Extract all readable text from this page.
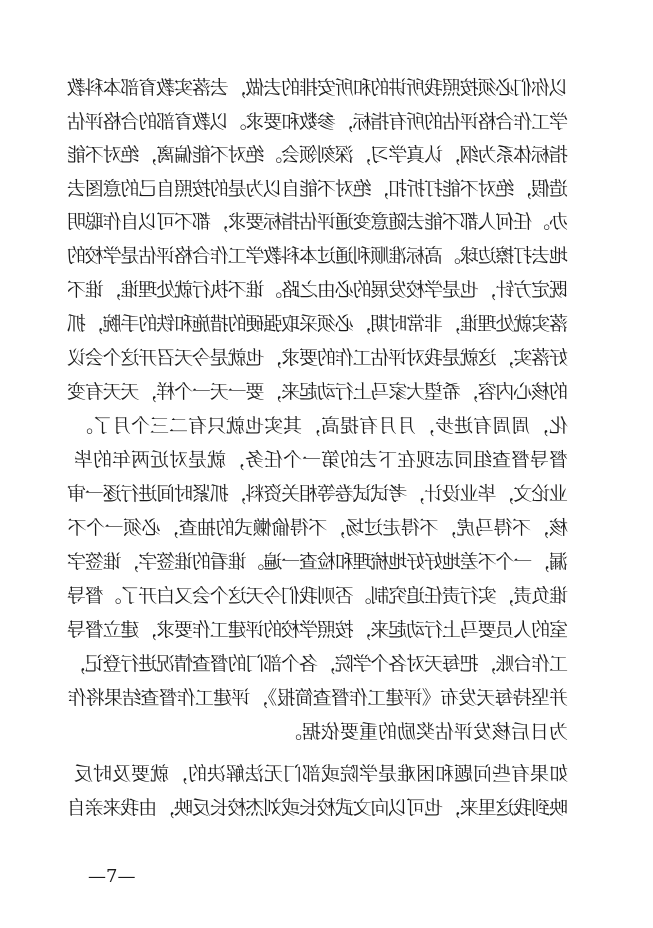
以你们必须按照我所讲的和所安排的去做，去落实教育部本科教
学工作合格评估的所有指标，参数和要求。以教育部的合格评估
指标体系为纲，认真学习，深刻领会。绝对不能偏离，绝对不能
造假，绝对不能打折扣，绝对不能自以为是的按照自己的意图去
办。任何人都不能去随意变通评估指标要求，都不可以自作聪明
地去打擦边球。高标准顺利通过本科教学工作合格评估是学校的
既定方针，也是学校发展的必由之路。谁不执行就处理谁，谁不
落实就处理谁，非常时期，必须采取强硬的措施和铁的手腕，抓
好落实，这就是我对评估工作的要求，也就是今天召开这个会议
的核心内容，希望大家马上行动起来，要一天一个样，天天有变
化，周周有进步，月月有提高，其实也就只有二三个月了。
督导督查组同志现在下去的第一个任务，就是对近两年的毕
业论文，毕业设计，考试试卷等相关资料，抓紧时间进行逐一审
核，不得马虎，不得走过场，不得偷懒式的抽查，必须一个不
漏，一个不差地好好地梳理和检查一遍。谁看的谁签字，谁签字
谁负责，实行责任追究制。否则我们今天这个会又白开了。督导
室的人员要马上行动起来，按照学校的评建工作要求，建立督导
工作台账，把每天对各个学院，各个部门的督查情况进行登记，
并坚持每天发布《评建工作督查简报》，评建工作督查结果将作
为日后核发评估奖励的重要依据。
如果有些问题和困难是学院或部门无法解决的，就要及时反
映到我这里来，也可以向文武校长或刘杰校长反映，由我来亲自
—7—
